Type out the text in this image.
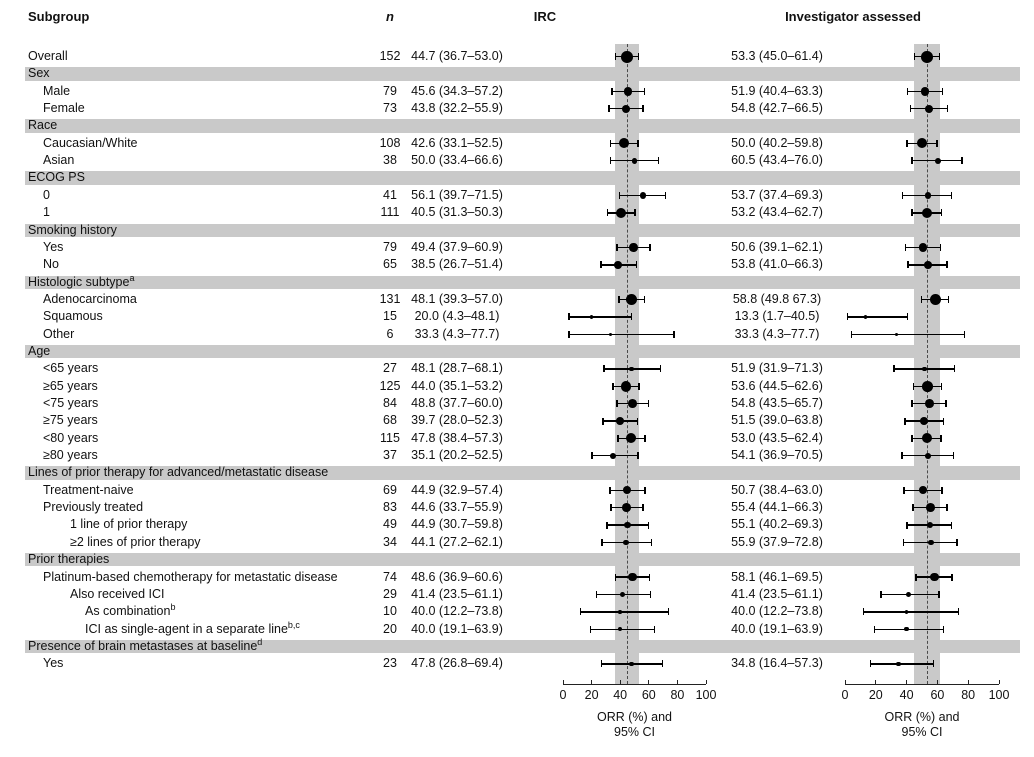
Overall	152 44.7 (36.7–53.0)	53.3 (45.0–61.4)
Sex
Male	79	45.6 (34.3–57.2)	51.9 (40.4–63.3)
Female	73	43.8 (32.2–55.9)	54.8 (42.7–66.5)
Race
Caucasian/White	108 42.6 (33.1–52.5)	50.0 (40.2–59.8)
Asian	38	50.0 (33.4–66.6)	60.5 (43.4–76.0)
ECOG PS
0	41	56.1 (39.7–71.5)	53.7 (37.4–69.3)
1	111 40.5 (31.3–50.3)	53.2 (43.4–62.7)
Smoking history
Yes	79	49.4 (37.9–60.9)	50.6 (39.1–62.1)
No	65	38.5 (26.7–51.4)	53.8 (41.0–66.3)
Histologic subtype$^a$
Adenocarcinoma	131 48.1 (39.3–57.0)	58.8 (49.8 67.3)
Squamous	15	20.0 (4.3–48.1)	13.3 (1.7–40.5)
Other	6	33.3 (4.3–77.7)	33.3 (4.3–77.7)
Age
<65 years	27	48.1 (28.7–68.1)	51.9 (31.9–71.3)
≥65 years	125 44.0 (35.1–53.2)	53.6 (44.5–62.6)
<75 years	84	48.8 (37.7–60.0)	54.8 (43.5–65.7)
≥75 years	68	39.7 (28.0–52.3)	51.5 (39.0–63.8)
<80 years	115 47.8 (38.4–57.3)	53.0 (43.5–62.4)
≥80 years	37	35.1 (20.2–52.5)	54.1 (36.9–70.5)
Lines of prior therapy for advanced/metastatic disease
Treatment-naive	69	44.9 (32.9–57.4)	50.7 (38.4–63.0)
Previously treated	83	44.6 (33.7–55.9)	55.4 (44.1–66.3)
1 line of prior therapy	49	44.9 (30.7–59.8)	55.1 (40.2–69.3)
≥2 lines of prior therapy	34	44.1 (27.2–62.1)	55.9 (37.9–72.8)
Prior therapies
Platinum-based chemotherapy for metastatic disease	74	48.6 (36.9–60.6)	58.1 (46.1–69.5)
Also received ICI	29	41.4 (23.5–61.1)	41.4 (23.5–61.1)
As combination$^b$	10	40.0 (12.2–73.8)	40.0 (12.2–73.8)
ICI as single-agent in a separate line$^{b,c}$	20	40.0 (19.1–63.9)	40.0 (19.1–63.9)
Presence of brain metastases at baseline$^d$
Yes	23	47.8 (26.8–69.4)	34.8 (16.4–57.3)
0	20	40	60	80 100
ORR (%) and
95% CI
0	20	40	60	80	100
ORR (%) and
95% CI
Subgroup	n	IRC	Investigator assessed
